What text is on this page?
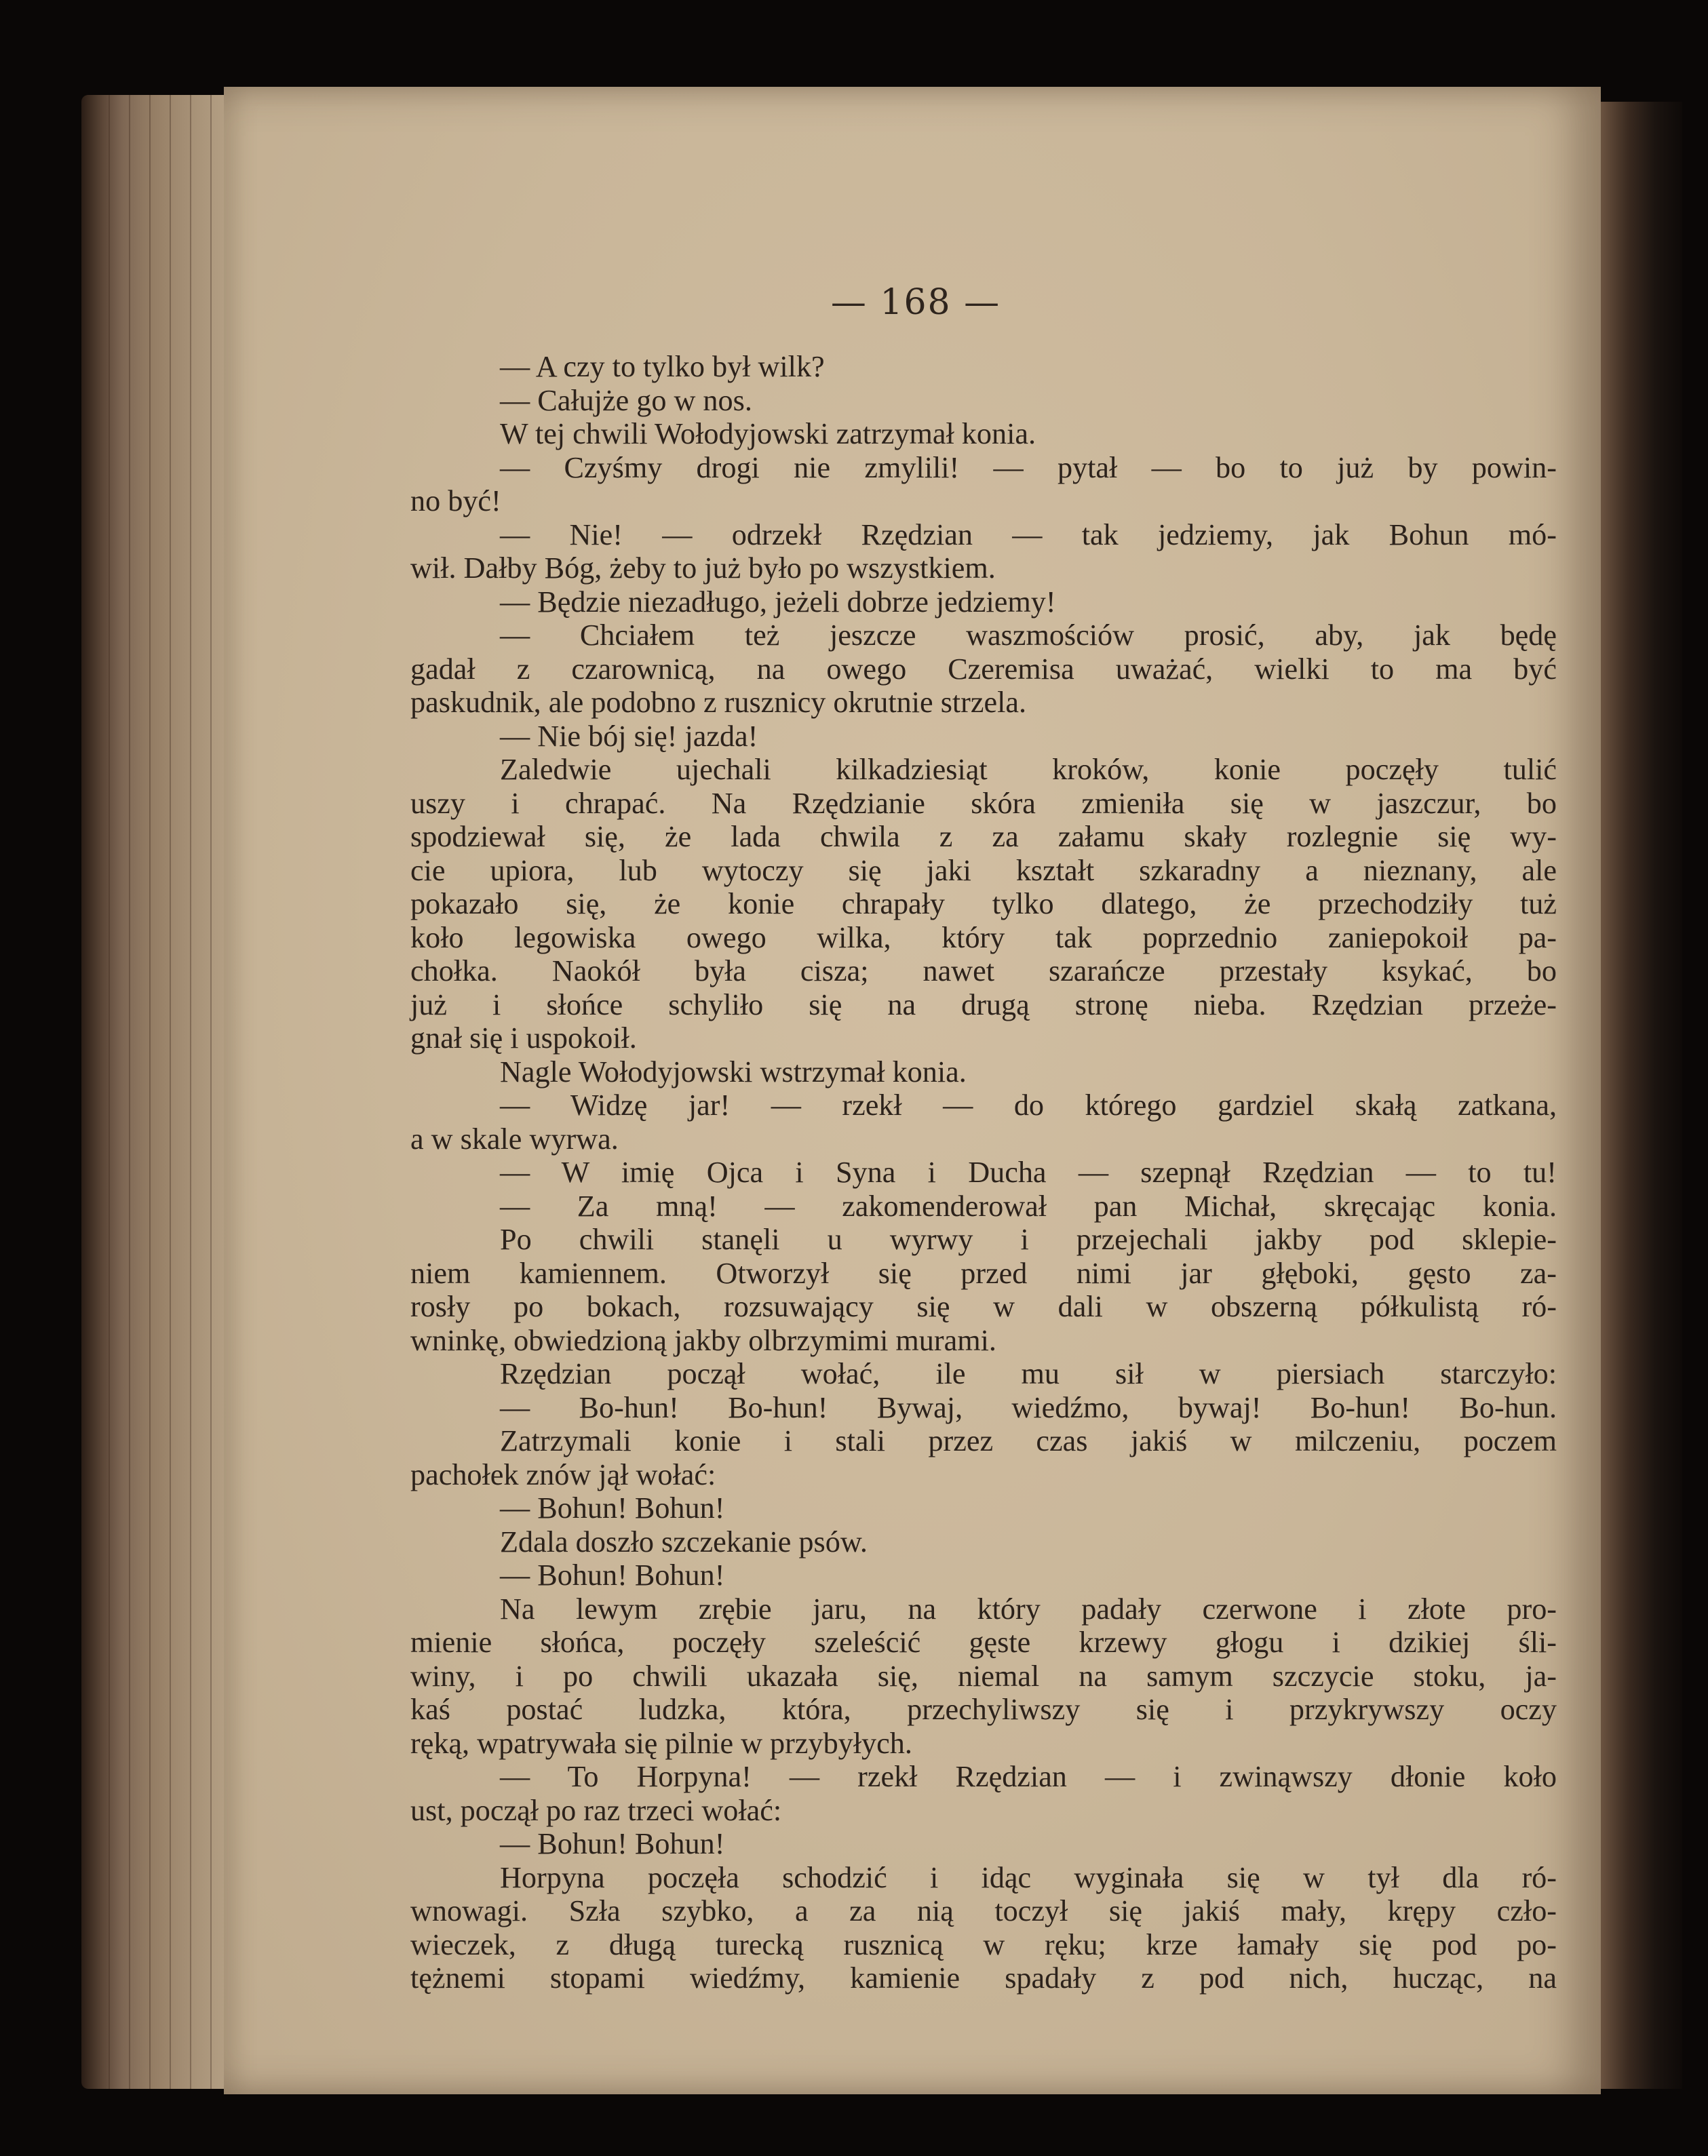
— 168 —
— A czy to tylko był wilk?
— Całujże go w nos.
W tej chwili Wołodyjowski zatrzymał konia.
— Czyśmy drogi nie zmylili! — pytał — bo to już by powin-
no być!
— Nie! — odrzekł Rzędzian — tak jedziemy, jak Bohun mó-
wił. Dałby Bóg, żeby to już było po wszystkiem.
— Będzie niezadługo, jeżeli dobrze jedziemy!
— Chciałem też jeszcze waszmościów prosić, aby, jak będę
gadał z czarownicą, na owego Czeremisa uważać, wielki to ma być
paskudnik, ale podobno z rusznicy okrutnie strzela.
— Nie bój się! jazda!
Zaledwie ujechali kilkadziesiąt kroków, konie poczęły tulić
uszy i chrapać. Na Rzędzianie skóra zmieniła się w jaszczur, bo
spodziewał się, że lada chwila z za załamu skały rozlegnie się wy-
cie upiora, lub wytoczy się jaki kształt szkaradny a nieznany, ale
pokazało się, że konie chrapały tylko dlatego, że przechodziły tuż
koło legowiska owego wilka, który tak poprzednio zaniepokoił pa-
chołka. Naokół była cisza; nawet szarańcze przestały ksykać, bo
już i słońce schyliło się na drugą stronę nieba. Rzędzian przeże-
gnał się i uspokoił.
Nagle Wołodyjowski wstrzymał konia.
— Widzę jar! — rzekł — do którego gardziel skałą zatkana,
a w skale wyrwa.
— W imię Ojca i Syna i Ducha — szepnął Rzędzian — to tu!
— Za mną! — zakomenderował pan Michał, skręcając konia.
Po chwili stanęli u wyrwy i przejechali jakby pod sklepie-
niem kamiennem. Otworzył się przed nimi jar głęboki, gęsto za-
rosły po bokach, rozsuwający się w dali w obszerną półkulistą ró-
wninkę, obwiedzioną jakby olbrzymimi murami.
Rzędzian począł wołać, ile mu sił w piersiach starczyło:
— Bo-hun! Bo-hun! Bywaj, wiedźmo, bywaj! Bo-hun! Bo-hun.
Zatrzymali konie i stali przez czas jakiś w milczeniu, poczem
pachołek znów jął wołać:
— Bohun! Bohun!
Zdala doszło szczekanie psów.
— Bohun! Bohun!
Na lewym zrębie jaru, na który padały czerwone i złote pro-
mienie słońca, poczęły szeleścić gęste krzewy głogu i dzikiej śli-
winy, i po chwili ukazała się, niemal na samym szczycie stoku, ja-
kaś postać ludzka, która, przechyliwszy się i przykrywszy oczy
ręką, wpatrywała się pilnie w przybyłych.
— To Horpyna! — rzekł Rzędzian — i zwinąwszy dłonie koło
ust, począł po raz trzeci wołać:
— Bohun! Bohun!
Horpyna poczęła schodzić i idąc wyginała się w tył dla ró-
wnowagi. Szła szybko, a za nią toczył się jakiś mały, krępy czło-
wieczek, z długą turecką rusznicą w ręku; krze łamały się pod po-
tężnemi stopami wiedźmy, kamienie spadały z pod nich, hucząc, na
